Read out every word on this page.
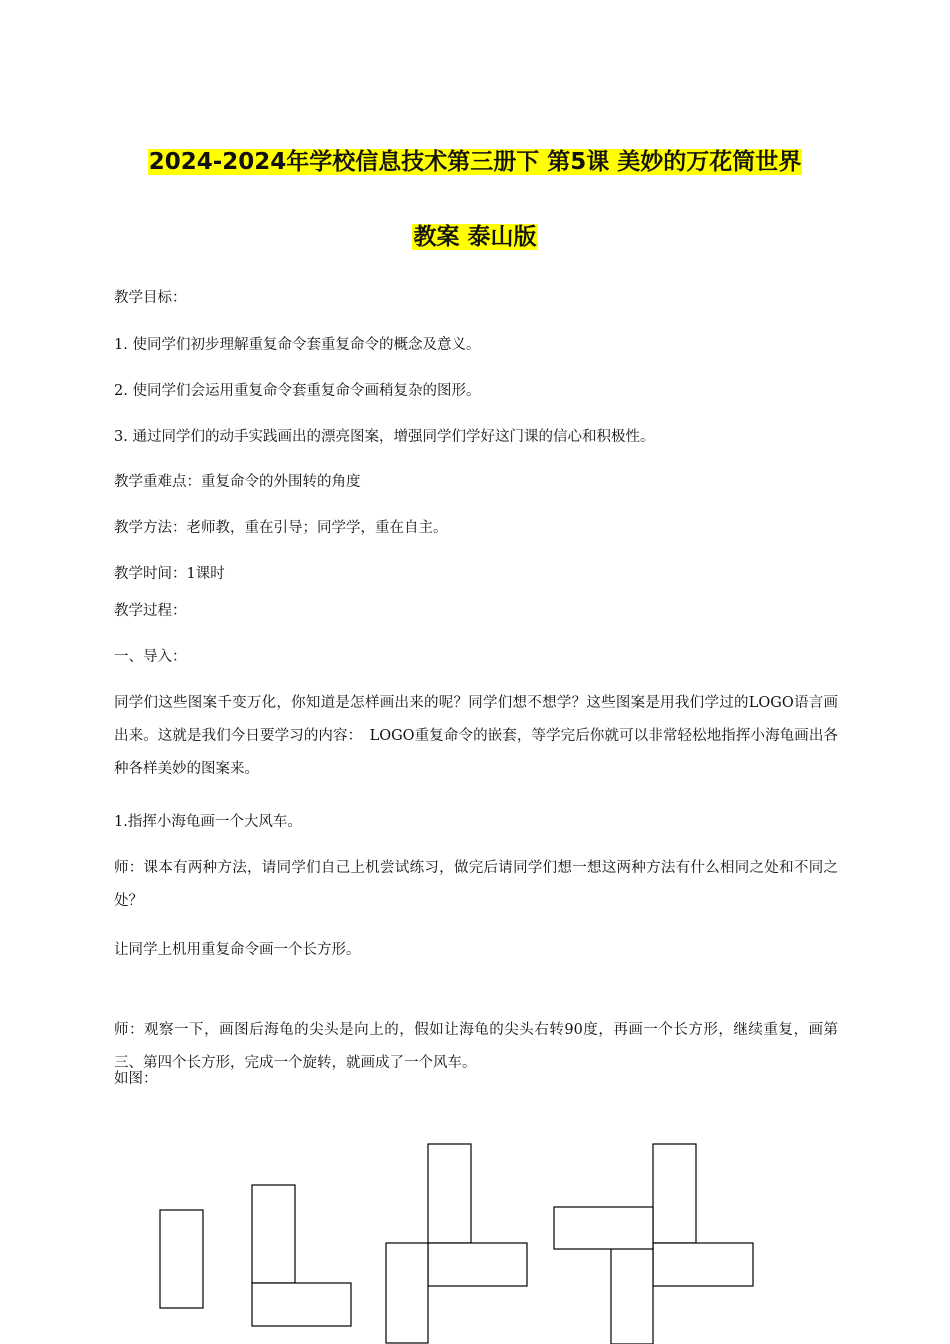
2024-2024年学校信息技术第三册下 第5课 美妙的万花筒世界
教案 泰山版
教学目标：
1. 使同学们初步理解重复命令套重复命令的概念及意义。
2. 使同学们会运用重复命令套重复命令画稍复杂的图形。
3. 通过同学们的动手实践画出的漂亮图案，增强同学们学好这门课的信心和积极性。
教学重难点：重复命令的外围转的角度
教学方法：老师教，重在引导；同学学，重在自主。
教学时间：1课时
教学过程：
一、导入：
同学们这些图案千变万化，你知道是怎样画出来的呢？同学们想不想学？这些图案是用我们学过的LOGO语言画出来。这就是我们今日要学习的内容：　LOGO重复命令的嵌套，等学完后你就可以非常轻松地指挥小海龟画出各种各样美妙的图案来。
1.指挥小海龟画一个大风车。
师：课本有两种方法，请同学们自己上机尝试练习，做完后请同学们想一想这两种方法有什么相同之处和不同之处？
让同学上机用重复命令画一个长方形。
师：观察一下，画图后海龟的尖头是向上的，假如让海龟的尖头右转90度，再画一个长方形，继续重复，画第三、第四个长方形，完成一个旋转，就画成了一个风车。
如图：
